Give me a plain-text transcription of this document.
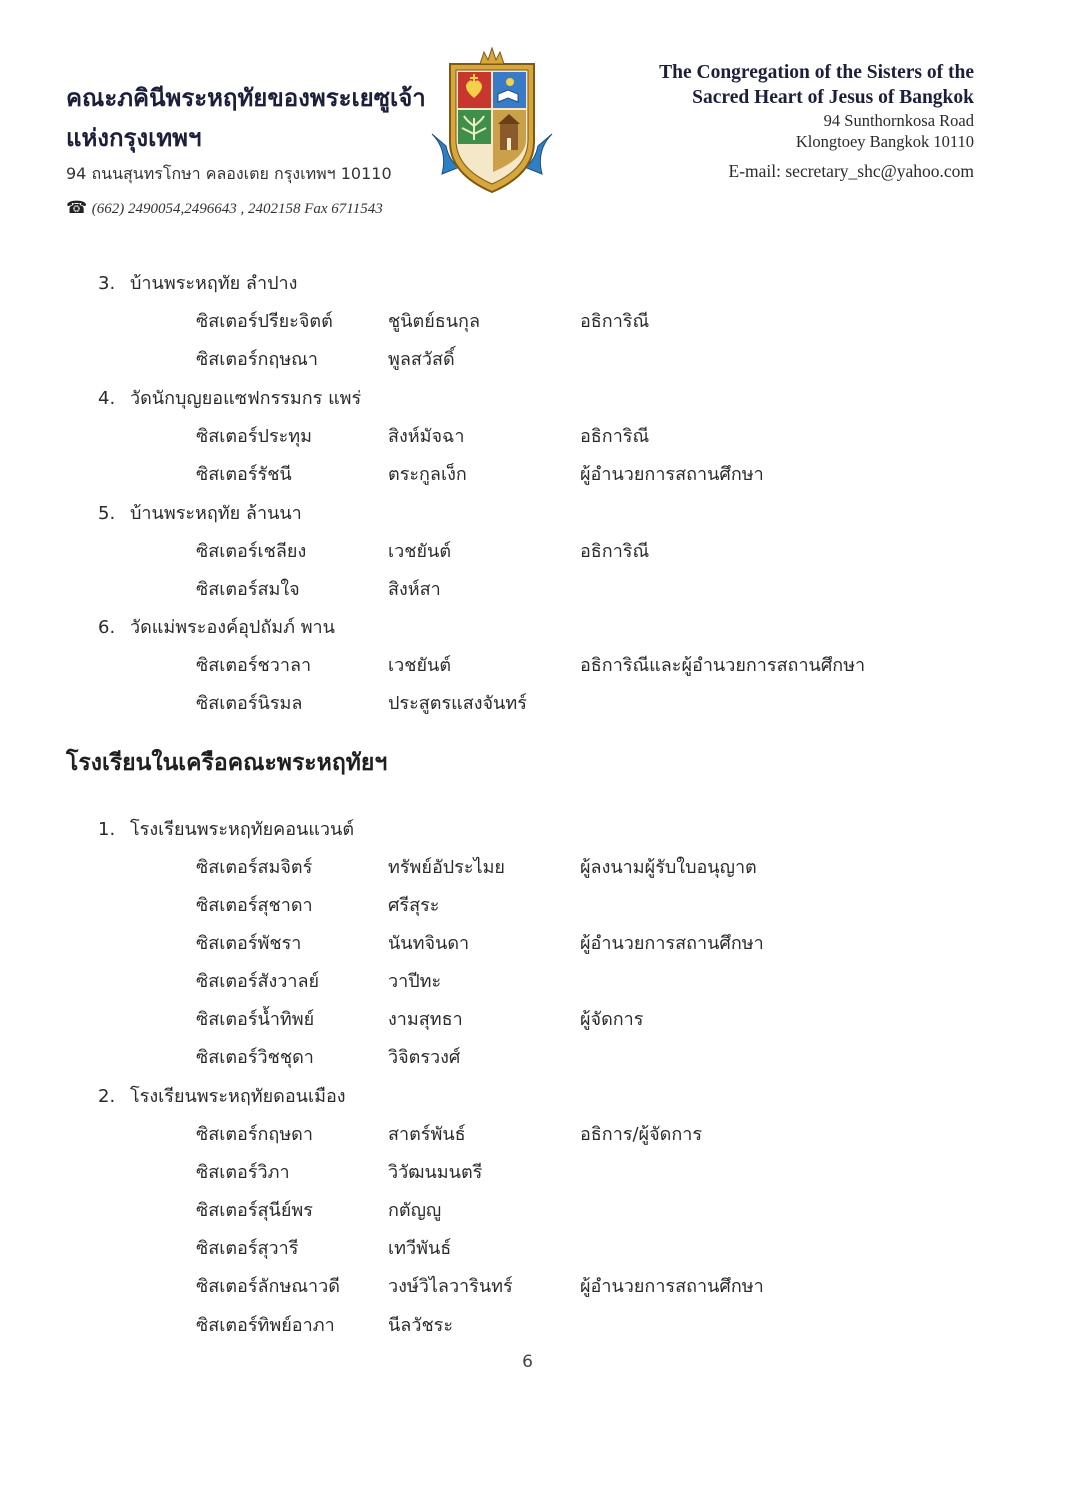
คณะภคินีพระหฤทัยของพระเยซูเจ้า
แห่งกรุงเทพฯ
94 ถนนสุนทรโกษา คลองเตย กรุงเทพฯ 10110
☎ (662) 2490054,2496643 , 2402158 Fax 6711543
The Congregation of the Sisters of the
Sacred Heart of Jesus of Bangkok
94 Sunthornkosa Road
Klongtoey Bangkok 10110
E-mail: secretary_shc@yahoo.com
3. บ้านพระหฤทัย ลำปาง
ซิสเตอร์ปรียะจิตต์	ชูนิตย์ธนกุล	อธิการิณี
ซิสเตอร์กฤษณา	พูลสวัสดิ์
4. วัดนักบุญยอแซฟกรรมกร แพร่
ซิสเตอร์ประทุม	สิงห์มัจฉา	อธิการิณี
ซิสเตอร์รัชนี	ตระกูลเง็ก	ผู้อำนวยการสถานศึกษา
5. บ้านพระหฤทัย ล้านนา
ซิสเตอร์เชลียง	เวชยันต์	อธิการิณี
ซิสเตอร์สมใจ	สิงห์สา
6. วัดแม่พระองค์อุปถัมภ์ พาน
ซิสเตอร์ชวาลา	เวชยันต์	อธิการิณีและผู้อำนวยการสถานศึกษา
ซิสเตอร์นิรมล	ประสูตรแสงจันทร์
โรงเรียนในเครือคณะพระหฤทัยฯ
1. โรงเรียนพระหฤทัยคอนแวนต์
ซิสเตอร์สมจิตร์	ทรัพย์อัประไมย	ผู้ลงนามผู้รับใบอนุญาต
ซิสเตอร์สุชาดา	ศรีสุระ
ซิสเตอร์พัชรา	นันทจินดา	ผู้อำนวยการสถานศึกษา
ซิสเตอร์สังวาลย์	วาปีทะ
ซิสเตอร์น้ำทิพย์	งามสุทธา	ผู้จัดการ
ซิสเตอร์วิชชุดา	วิจิตรวงศ์
2. โรงเรียนพระหฤทัยดอนเมือง
ซิสเตอร์กฤษดา	สาตร์พันธ์	อธิการ/ผู้จัดการ
ซิสเตอร์วิภา	วิวัฒนมนตรี
ซิสเตอร์สุนีย์พร	กตัญญู
ซิสเตอร์สุวารี	เทวีพันธ์
ซิสเตอร์ลักษณาวดี	วงษ์วิไลวารินทร์	ผู้อำนวยการสถานศึกษา
ซิสเตอร์ทิพย์อาภา	นีลวัชระ
6
